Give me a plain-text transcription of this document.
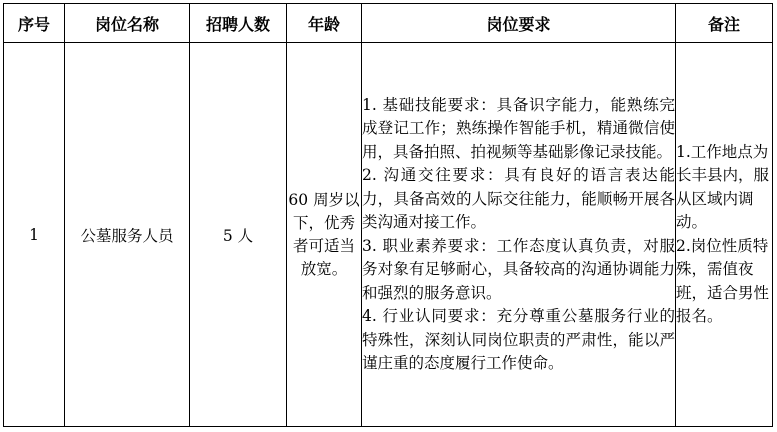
序号	岗位名称	招聘人数	年龄	岗位要求	备注
1	公墓服务人员	5 人	60 周岁以下，优秀者可适当放宽。	1. 基础技能要求：具备识字能力，能熟练完成登记工作；熟练操作智能手机，精通微信使用，具备拍照、拍视频等基础影像记录技能。
2. 沟通交往要求：具有良好的语言表达能力，具备高效的人际交往能力，能顺畅开展各类沟通对接工作。
3. 职业素养要求：工作态度认真负责，对服务对象有足够耐心，具备较高的沟通协调能力和强烈的服务意识。
4. 行业认同要求：充分尊重公墓服务行业的特殊性，深刻认同岗位职责的严肃性，能以严谨庄重的态度履行工作使命。	1.工作地点为长丰县内，服从区域内调动。
2.岗位性质特殊，需值夜班，适合男性报名。
